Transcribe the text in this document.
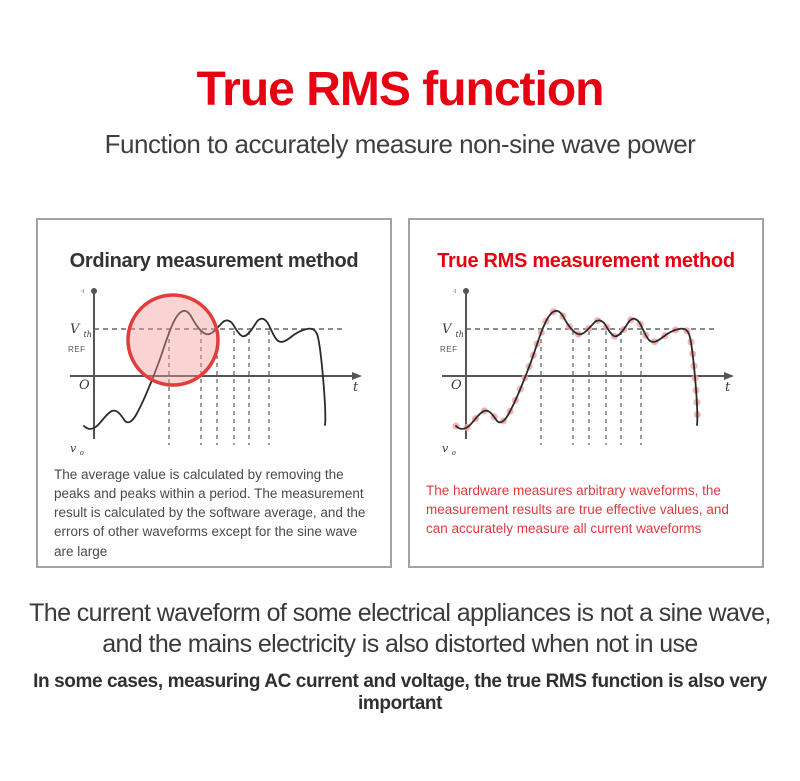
True RMS function
Function to accurately measure non-sine wave power
Ordinary measurement method
·ι
V $_{th}$
REF
O	t
v $_o$
The average value is calculated by removing the peaks and peaks within a period. The measurement result is calculated by the software average, and the errors of other waveforms except for the sine wave are large
True RMS measurement method
·ι
V $_{th}$
REF
O	t
v $_o$
The hardware measures arbitrary waveforms, the measurement results are true effective values, and can accurately measure all current waveforms
The current waveform of some electrical appliances is not a sine wave,
and the mains electricity is also distorted when not in use
In some cases, measuring AC current and voltage, the true RMS function is also very important
